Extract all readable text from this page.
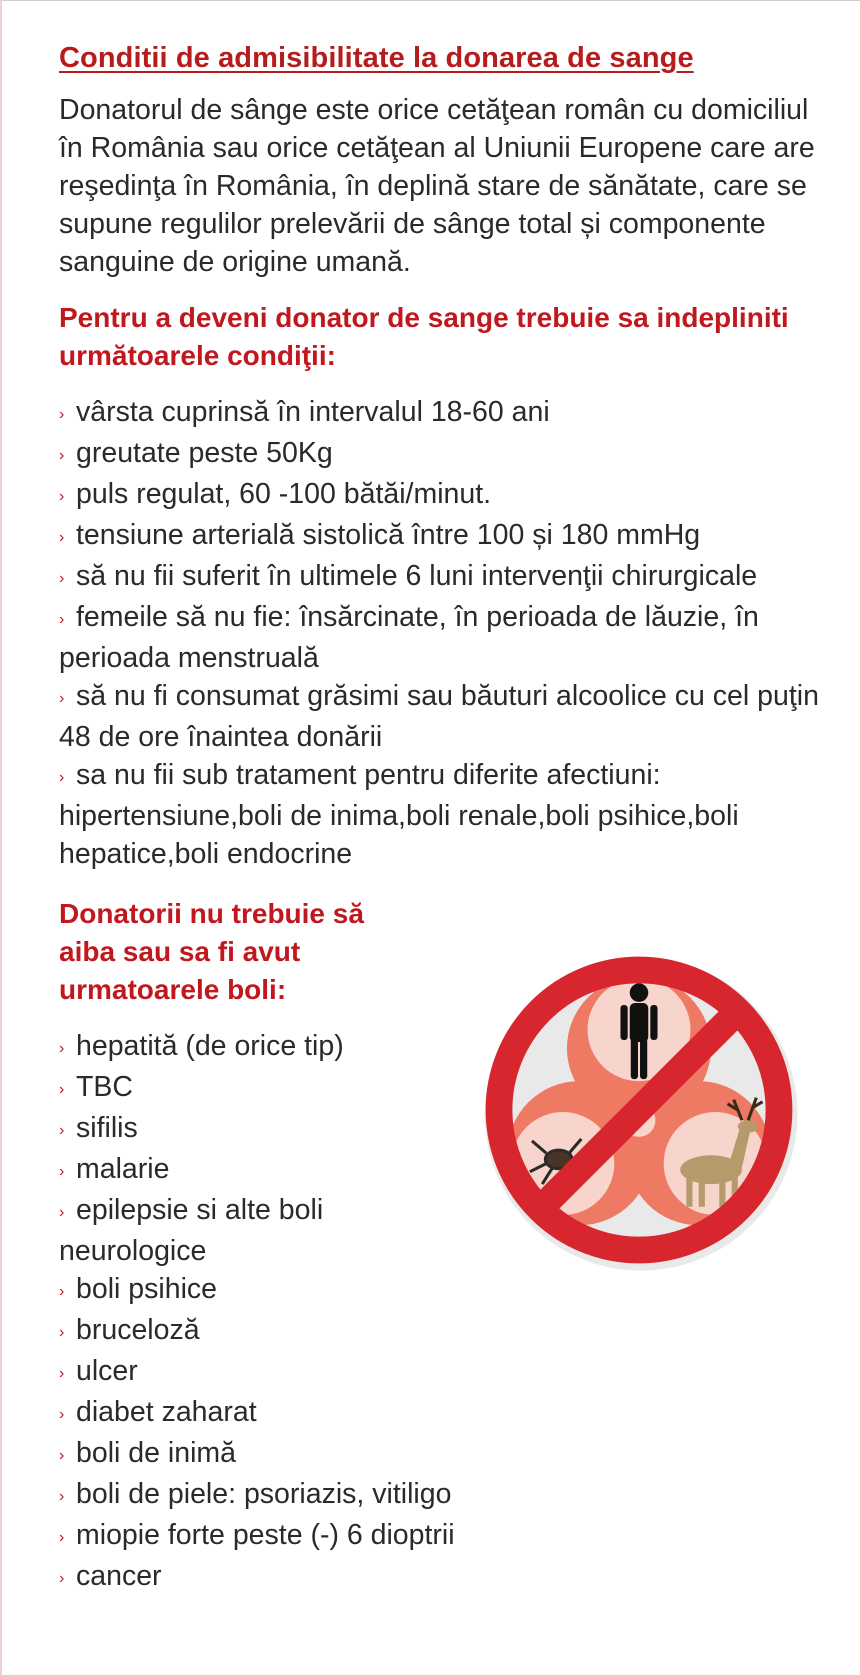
Conditii de admisibilitate la donarea de sange

Donatorul de sânge este orice cetăţean român cu domiciliul în România sau orice cetăţean al Uniunii Europene care are reşedinţa în România, în deplină stare de sănătate, care se supune regulilor prelevării de sânge total și componente sanguine de origine umană.

Pentru a deveni donator de sange trebuie sa indepliniti următoarele condiţii:
› vârsta cuprinsă în intervalul 18-60 ani
› greutate peste 50Kg
› puls regulat, 60 -100 bătăi/minut.
› tensiune arterială sistolică între 100 și 180 mmHg
› să nu fii suferit în ultimele 6 luni intervenţii chirurgicale
› femeile să nu fie: însărcinate, în perioada de lăuzie, în perioada menstruală
› să nu fi consumat grăsimi sau băuturi alcoolice cu cel puţin 48 de ore înaintea donării
› sa nu fii sub tratament pentru diferite afectiuni: hipertensiune,boli de inima,boli renale,boli psihice,boli hepatice,boli endocrine
Donatorii nu trebuie să aiba sau sa fi avut urmatoarele boli:
› hepatită (de orice tip)
› TBC
› sifilis
› malarie
› epilepsie si alte boli neurologice
› boli psihice
› bruceloză
› ulcer
› diabet zaharat
› boli de inimă
› boli de piele: psoriazis, vitiligo
› miopie forte peste (-) 6 dioptrii
› cancer
